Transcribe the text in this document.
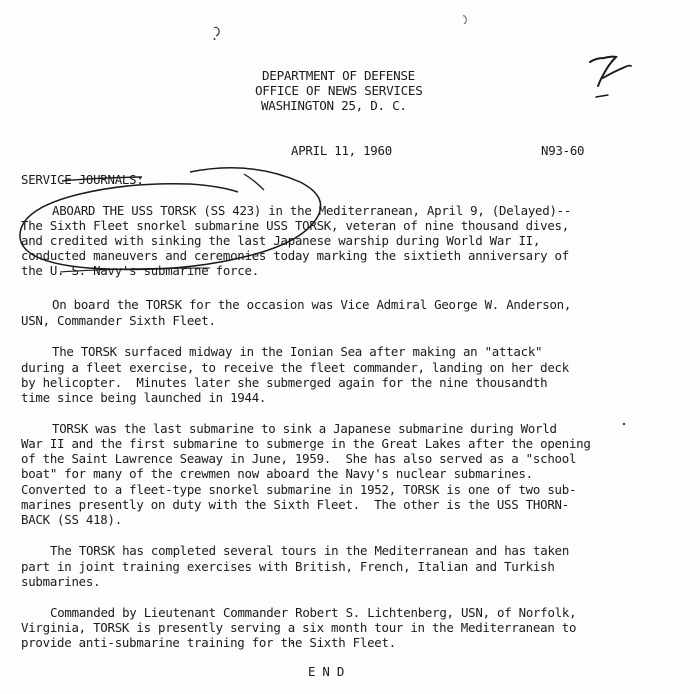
DEPARTMENT OF DEFENSE
OFFICE OF NEWS SERVICES
WASHINGTON 25, D. C.
APRIL 11, 1960	N93-60
SERVICE JOURNALS:
ABOARD THE USS TORSK (SS 423) in the Mediterranean, April 9, (Delayed)--
The Sixth Fleet snorkel submarine USS TORSK, veteran of nine thousand dives,
and credited with sinking the last Japanese warship during World War II,
conducted maneuvers and ceremonies today marking the sixtieth anniversary of
the U. S. Navy's submarine force.
On board the TORSK for the occasion was Vice Admiral George W. Anderson,
USN, Commander Sixth Fleet.
The TORSK surfaced midway in the Ionian Sea after making an "attack"
during a fleet exercise, to receive the fleet commander, landing on her deck
by helicopter.  Minutes later she submerged again for the nine thousandth
time since being launched in 1944.
TORSK was the last submarine to sink a Japanese submarine during World
War II and the first submarine to submerge in the Great Lakes after the opening
of the Saint Lawrence Seaway in June, 1959.  She has also served as a "school
boat" for many of the crewmen now aboard the Navy's nuclear submarines.
Converted to a fleet-type snorkel submarine in 1952, TORSK is one of two sub-
marines presently on duty with the Sixth Fleet.  The other is the USS THORN-
BACK (SS 418).
The TORSK has completed several tours in the Mediterranean and has taken
part in joint training exercises with British, French, Italian and Turkish
submarines.
Commanded by Lieutenant Commander Robert S. Lichtenberg, USN, of Norfolk,
Virginia, TORSK is presently serving a six month tour in the Mediterranean to
provide anti-submarine training for the Sixth Fleet.
E N D
